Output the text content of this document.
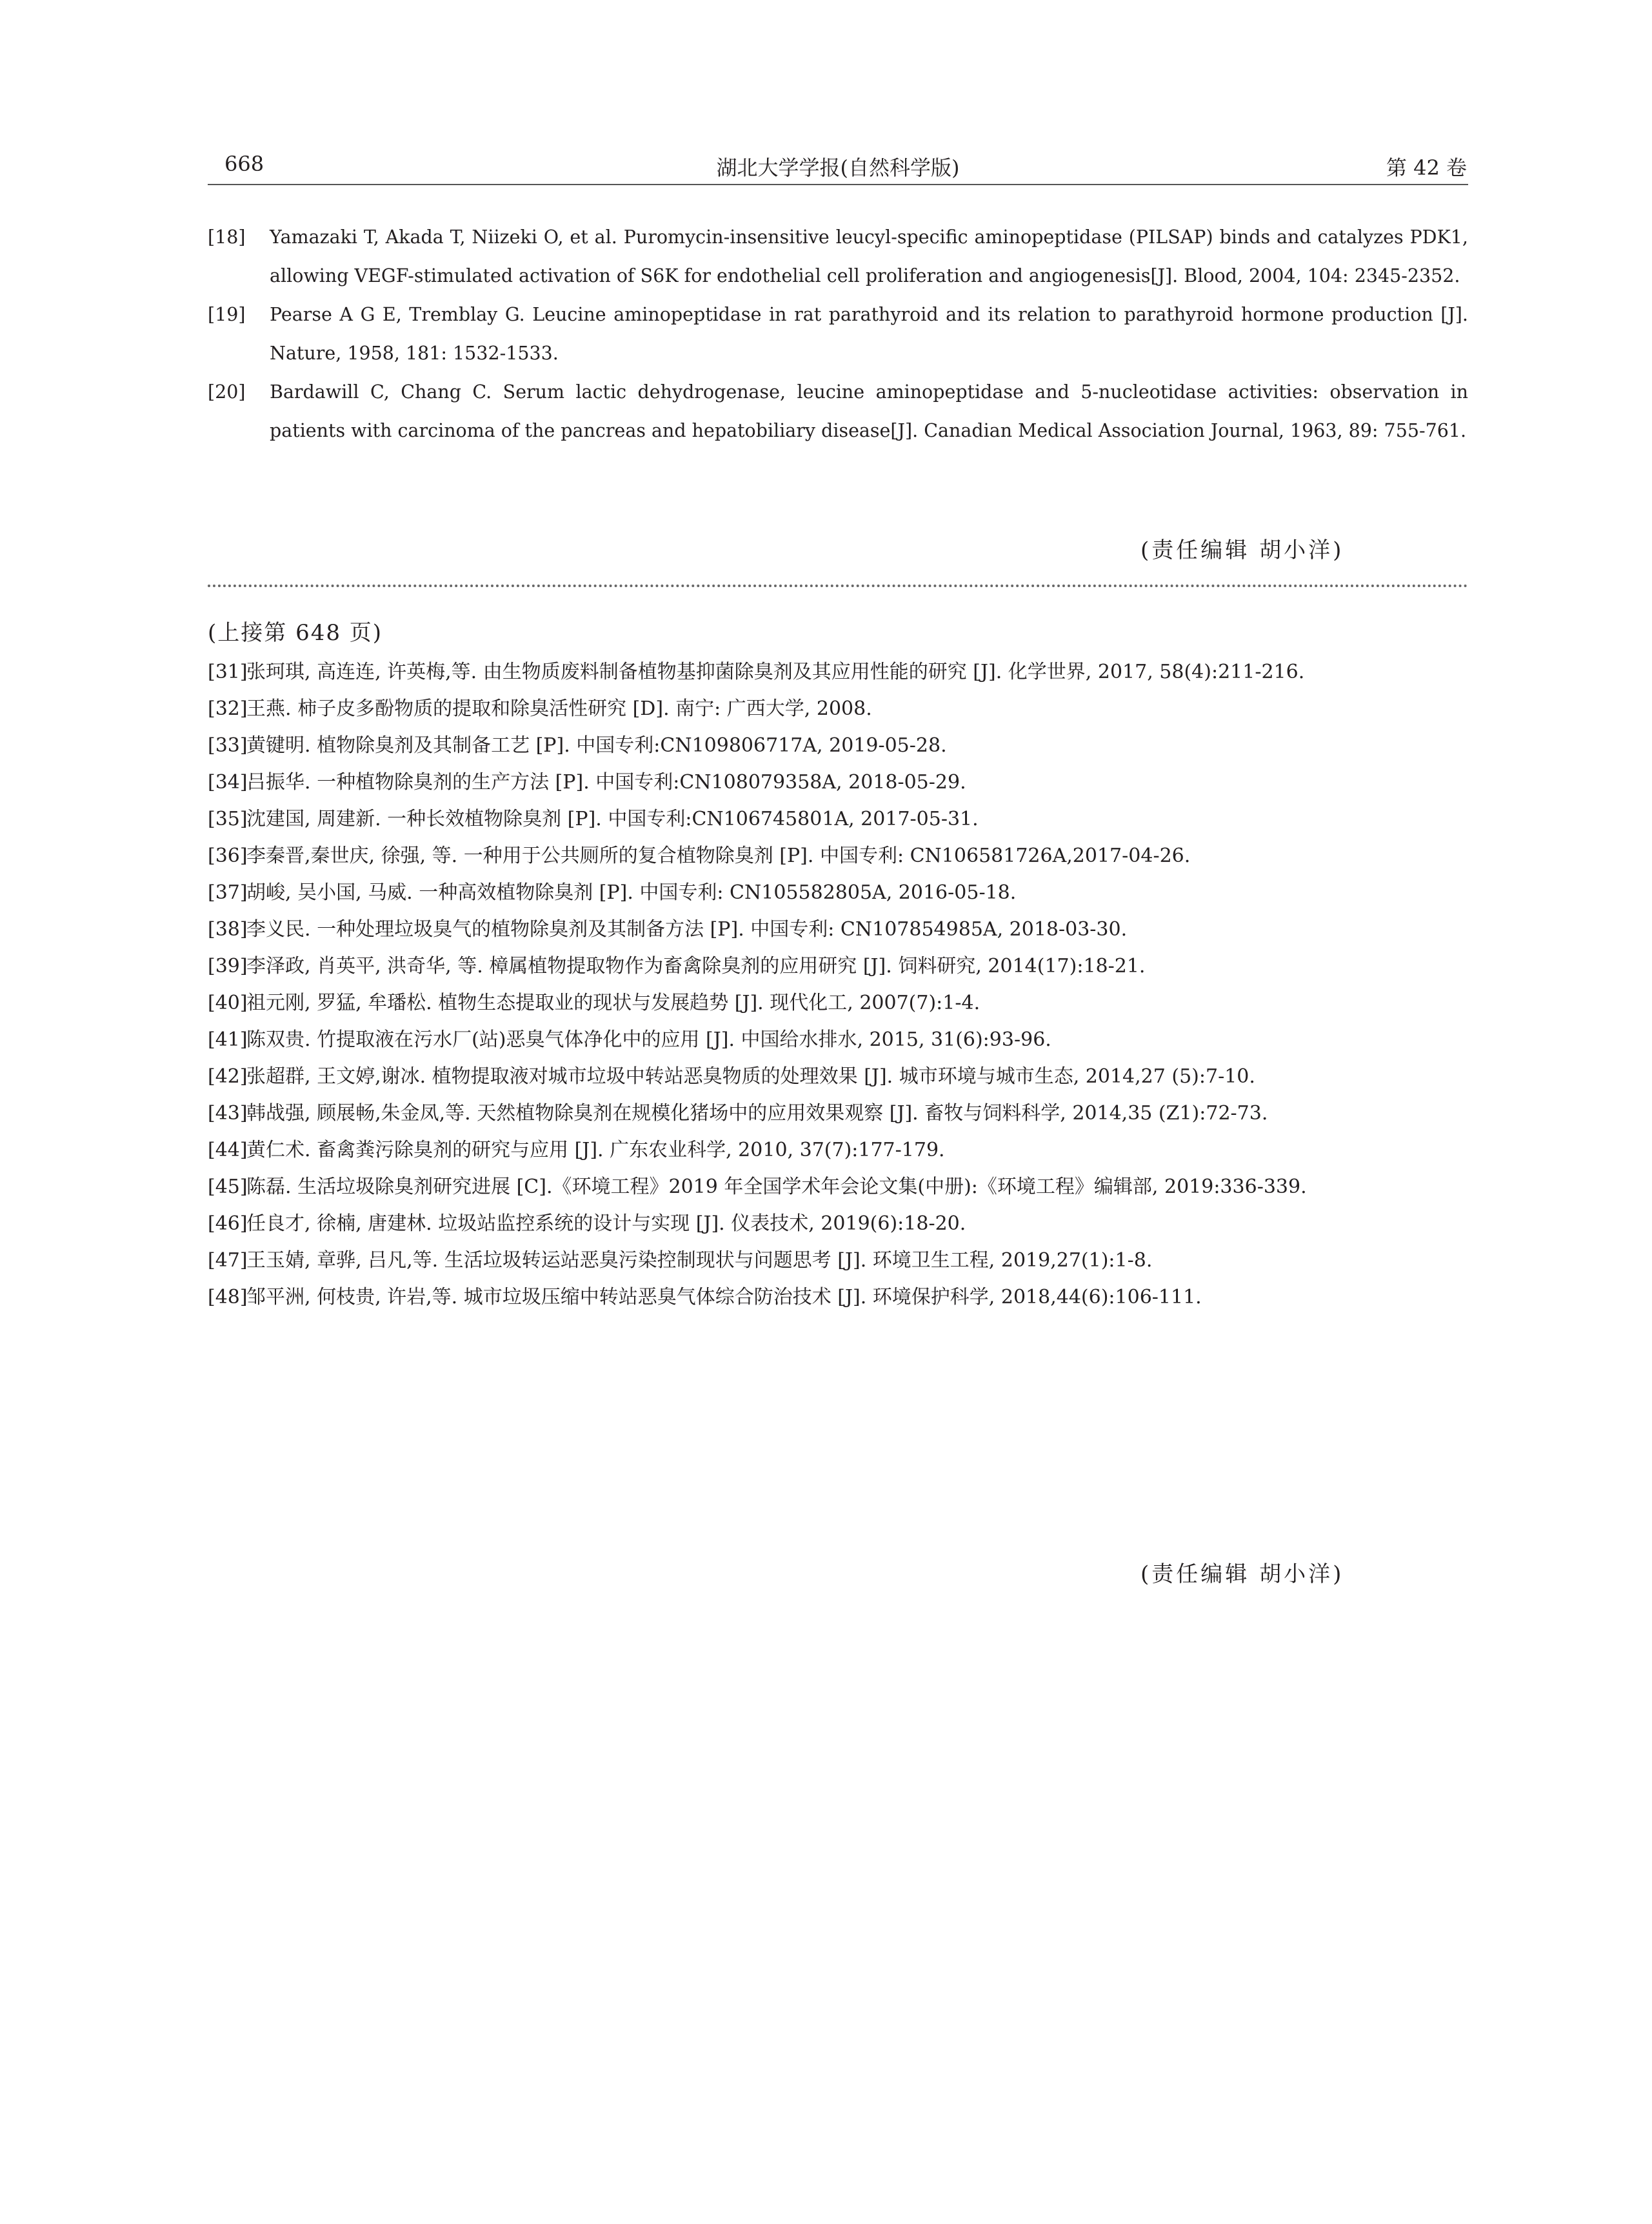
668	湖北大学学报(自然科学版)	第 42 卷
[18] Yamazaki T, Akada T, Niizeki O, et al. Puromycin-insensitive leucyl-specific aminopeptidase (PILSAP) binds and catalyzes PDK1, allowing VEGF-stimulated activation of S6K for endothelial cell proliferation and angiogenesis[J]. Blood, 2004, 104: 2345-2352.
[19] Pearse A G E, Tremblay G. Leucine aminopeptidase in rat parathyroid and its relation to parathyroid hormone production [J]. Nature, 1958, 181: 1532-1533.
[20] Bardawill C, Chang C. Serum lactic dehydrogenase, leucine aminopeptidase and 5-nucleotidase activities: observation in patients with carcinoma of the pancreas and hepatobiliary disease[J]. Canadian Medical Association Journal, 1963, 89: 755-761.
(责任编辑 胡小洋)
(上接第 648 页)
[31]
张珂琪, 高连连, 许英梅,等. 由生物质废料制备植物基抑菌除臭剂及其应用性能的研究 [J]. 化学世界, 2017, 58(4):211-216.
[32]
王燕. 柿子皮多酚物质的提取和除臭活性研究 [D]. 南宁: 广西大学, 2008.
[33]
黄键明. 植物除臭剂及其制备工艺 [P]. 中国专利:CN109806717A, 2019-05-28.
[34]
吕振华. 一种植物除臭剂的生产方法 [P]. 中国专利:CN108079358A, 2018-05-29.
[35]
沈建国, 周建新. 一种长效植物除臭剂 [P]. 中国专利:CN106745801A, 2017-05-31.
[36]
李秦晋,秦世庆, 徐强, 等. 一种用于公共厕所的复合植物除臭剂 [P]. 中国专利: CN106581726A,2017-04-26.
[37]
胡峻, 吴小国, 马威. 一种高效植物除臭剂 [P]. 中国专利: CN105582805A, 2016-05-18.
[38]
李义民. 一种处理垃圾臭气的植物除臭剂及其制备方法 [P]. 中国专利: CN107854985A, 2018-03-30.
[39]
李泽政, 肖英平, 洪奇华, 等. 樟属植物提取物作为畜禽除臭剂的应用研究 [J]. 饲料研究, 2014(17):18-21.
[40]
祖元刚, 罗猛, 牟璠松. 植物生态提取业的现状与发展趋势 [J]. 现代化工, 2007(7):1-4.
[41]
陈双贵. 竹提取液在污水厂(站)恶臭气体净化中的应用 [J]. 中国给水排水, 2015, 31(6):93-96.
[42]
张超群, 王文婷,谢冰. 植物提取液对城市垃圾中转站恶臭物质的处理效果 [J]. 城市环境与城市生态, 2014,27 (5):7-10.
[43]
韩战强, 顾展畅,朱金凤,等. 天然植物除臭剂在规模化猪场中的应用效果观察 [J]. 畜牧与饲料科学, 2014,35 (Z1):72-73.
[44]
黄仁术. 畜禽粪污除臭剂的研究与应用 [J]. 广东农业科学, 2010, 37(7):177-179.
[45]
陈磊. 生活垃圾除臭剂研究进展 [C].《环境工程》2019 年全国学术年会论文集(中册):《环境工程》编辑部, 2019:336-339.
[46]
任良才, 徐楠, 唐建林. 垃圾站监控系统的设计与实现 [J]. 仪表技术, 2019(6):18-20.
[47]
王玉婧, 章骅, 吕凡,等. 生活垃圾转运站恶臭污染控制现状与问题思考 [J]. 环境卫生工程, 2019,27(1):1-8.
[48]
邹平洲, 何枝贵, 许岩,等. 城市垃圾压缩中转站恶臭气体综合防治技术 [J]. 环境保护科学, 2018,44(6):106-111.
(责任编辑 胡小洋)
